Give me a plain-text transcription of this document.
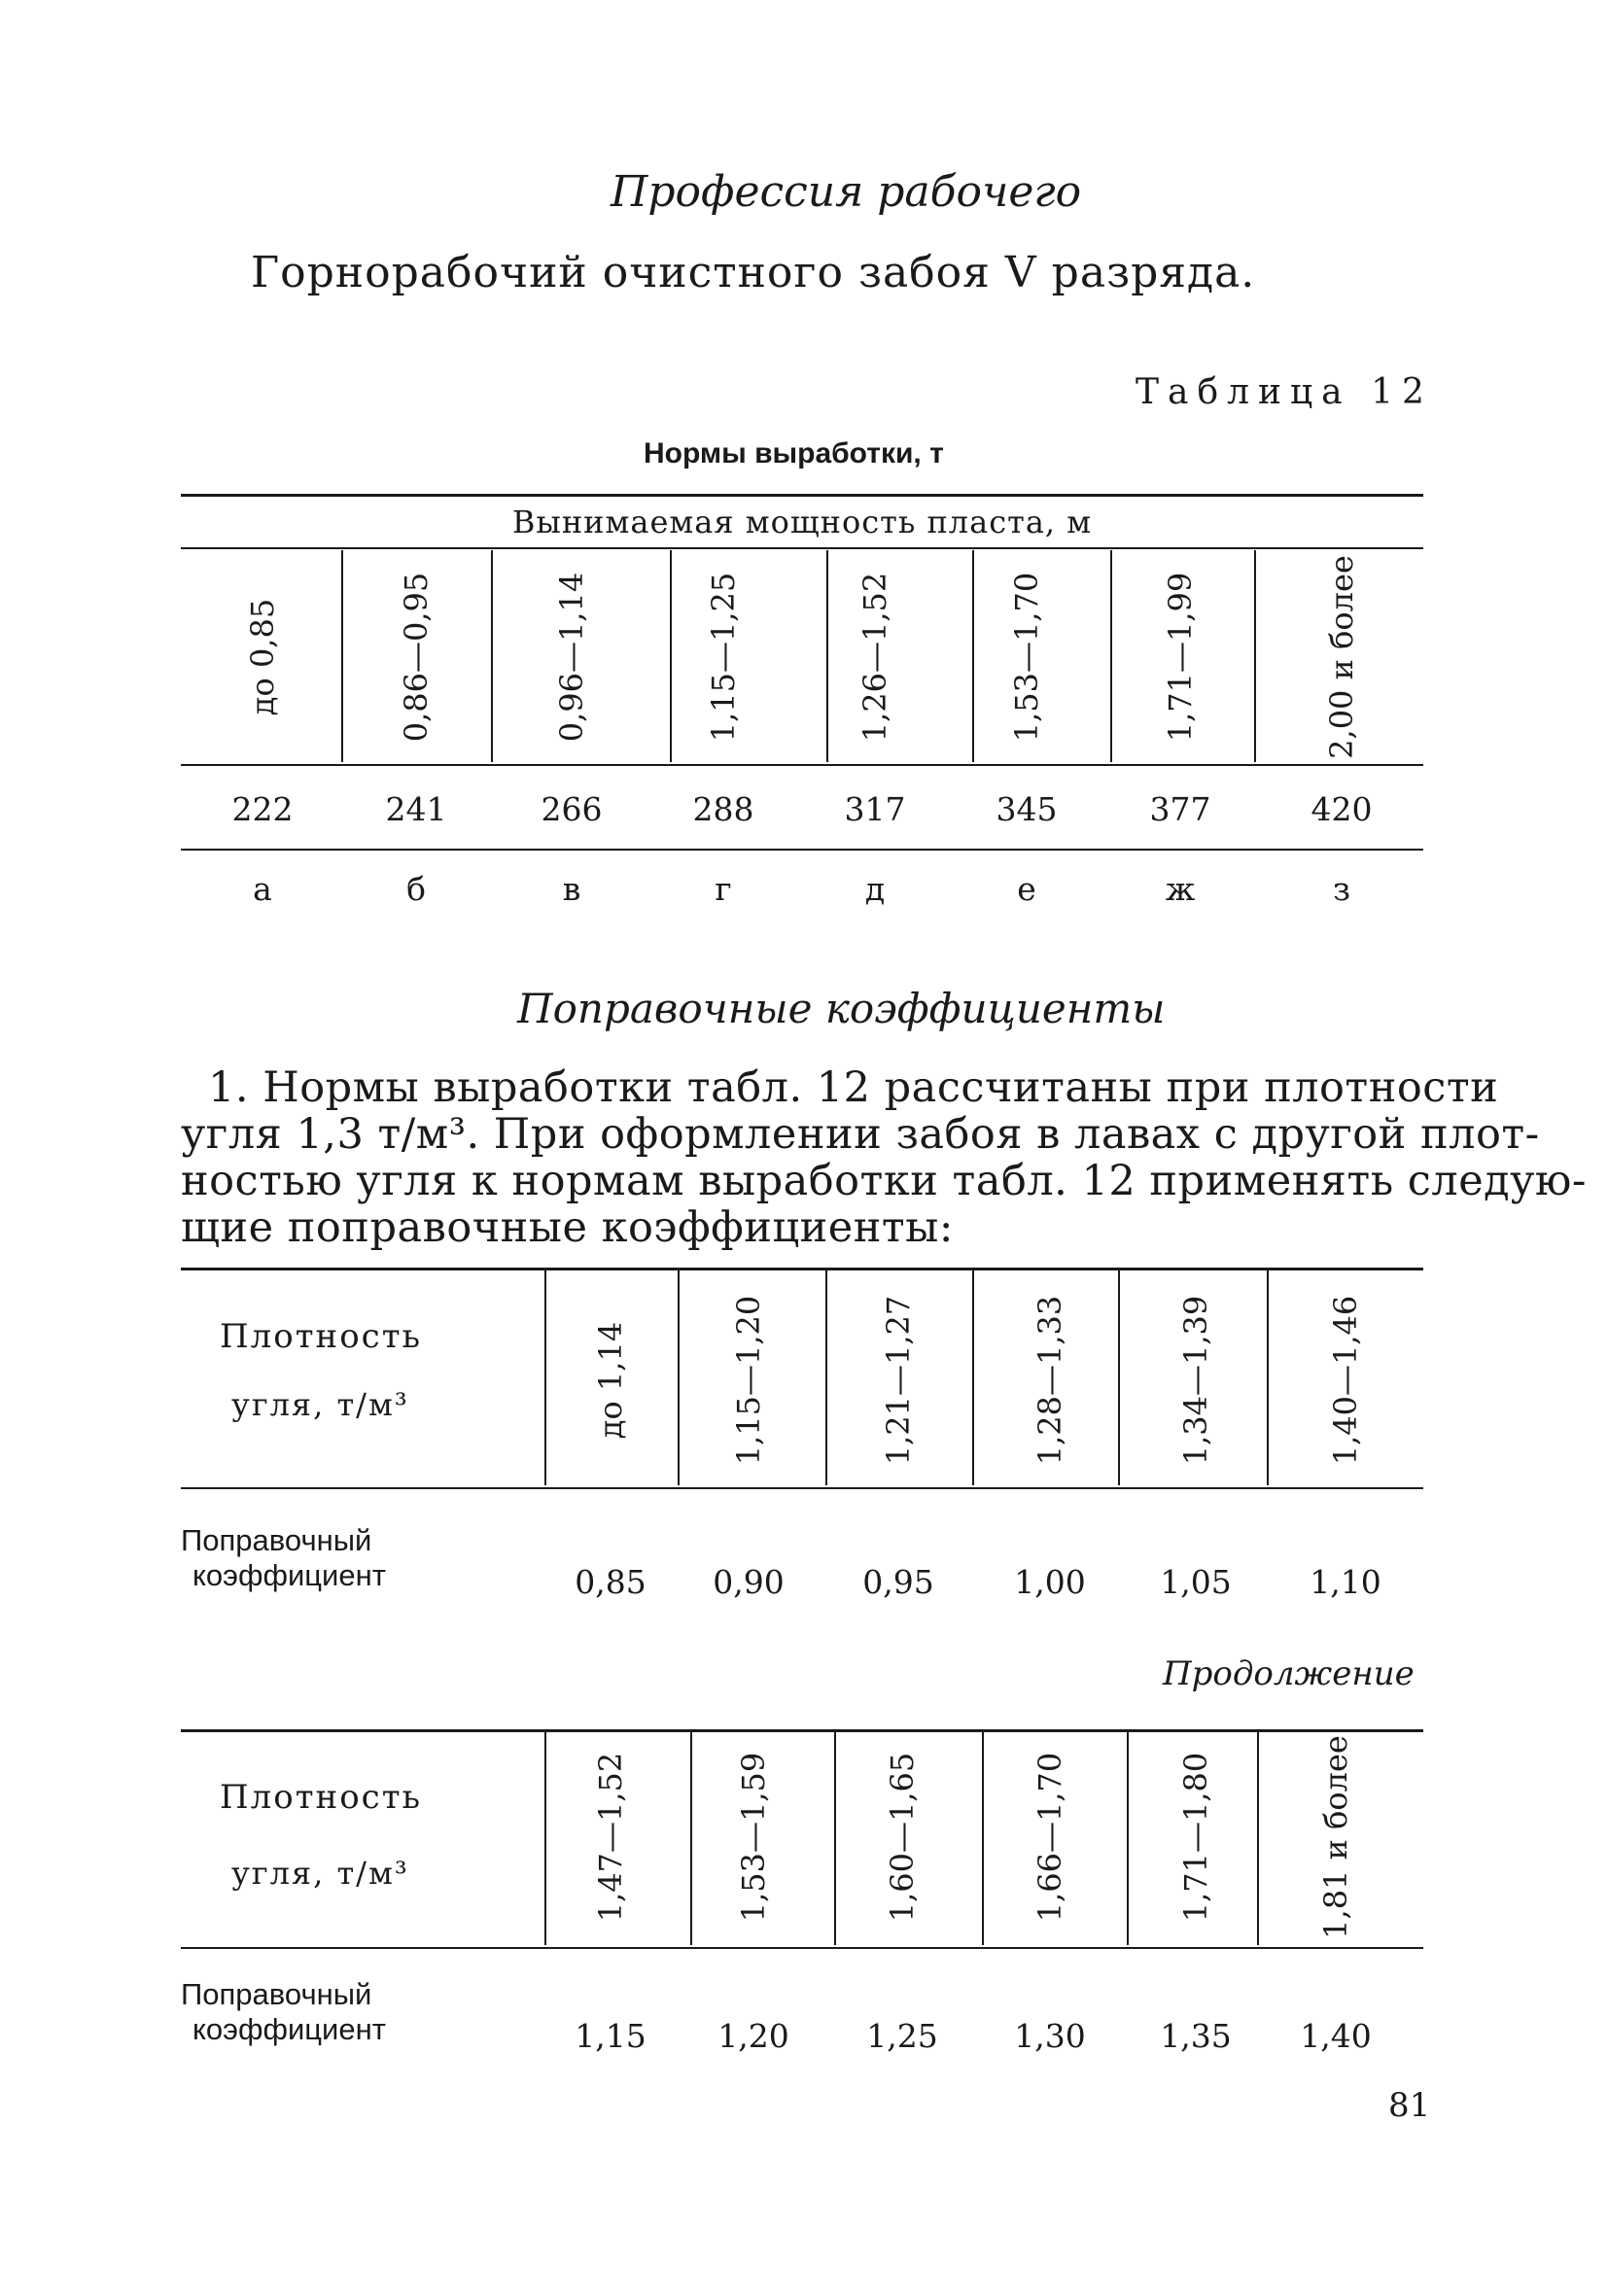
Профессия рабочего
Горнорабочий очистного забоя V разряда.
Таблица 12
Нормы выработки, т
Вынимаемая мощность пласта, м
до 0,85	0,86—0,95	0,96—1,14	1,15—1,25	1,26—1,52	1,53—1,70	1,71—1,99	2,00 и более
222	241	266	288	317	345	377	420
а	б	в	г	д	е	ж	з
Поправочные коэффициенты
1. Нормы выработки табл. 12 рассчитаны при плотности
угля 1,3 т/м³. При оформлении забоя в лавах с другой плот-
ностью угля к нормам выработки табл. 12 применять следую-
щие поправочные коэффициенты:
Плотность
угля, т/м³	до 1,14	1,15—1,20	1,21—1,27	1,28—1,33	1,34—1,39	1,40—1,46
Поправочный
коэффициент	0,85 0,90 0,95	1,00 1,05 1,10
Продолжение
Плотность
угля, т/м³	1,47—1,52	1,53—1,59	1,60—1,65	1,66—1,70	1,71—1,80	1,81 и более
Поправочный
коэффициент	1,15 1,20 1,25 1,30 1,35 1,40
81
